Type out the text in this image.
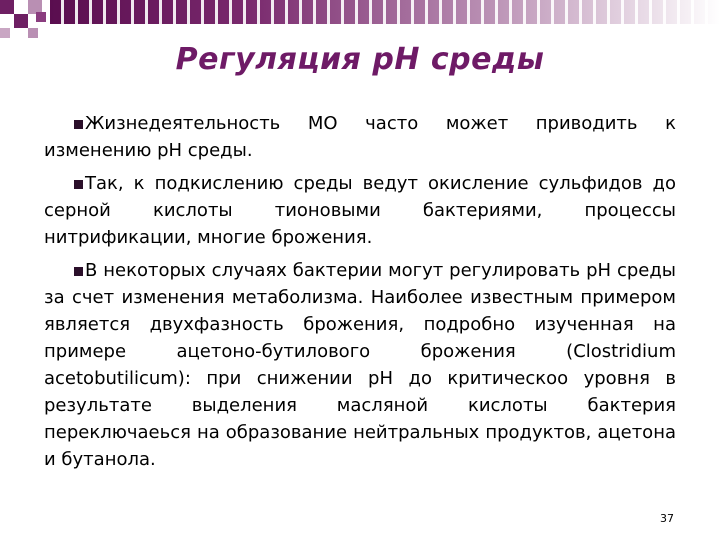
Регуляция pH среды

Жизнедеятельность МО часто может приводить к изменению pH среды.

Так, к подкислению среды ведут окисление сульфидов до серной кислоты тионовыми бактериями, процессы нитрификации, многие брожения.

В некоторых случаях бактерии могут регулировать pH среды за счет изменения метаболизма. Наиболее известным примером является двухфазность брожения, подробно изученная на примере ацетоно-бутилового брожения (Clostridium acetobutilicum): при снижении pH до критическоо уровня в результате выделения масляной кислоты бактерия переключаеься на образование нейтральных продуктов, ацетона и бутанола.

37
